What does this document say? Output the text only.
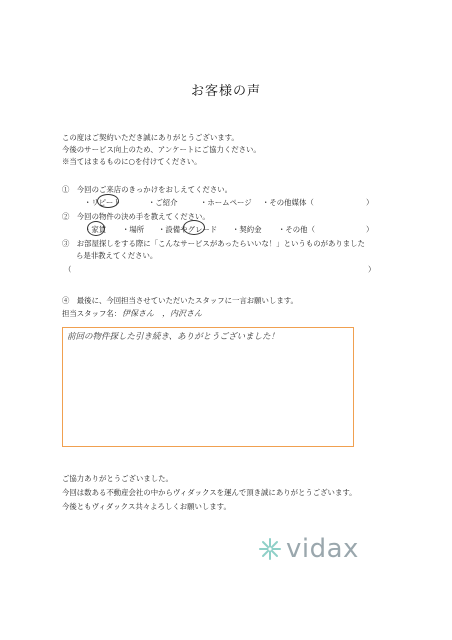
お客様の声
この度はご契約いただき誠にありがとうございます。
今後のサービス向上のため、アンケートにご協力ください。
※当てはまるものに○を付けてください。
①　今回のご来店のきっかけをおしえてください。
・リピート	・ご紹介	・ホームページ ・その他媒体（	）
②　今回の物件の決め手を教えてください。
・家賃 ・場所 ・設備やグレード ・契約金 ・その他（	）
③　お部屋探しをする際に「こんなサービスがあったらいいな！」というものがありました
ら是非教えてください。
（	）
④　最後に、今回担当させていただいたスタッフに一言お願いします。
担当スタッフ名： 伊保さん　，内沢さん
前回の物件探した引き続き、ありがとうございました！
ご協力ありがとうございました。
今回は数ある不動産会社の中からヴィダックスを運んで頂き誠にありがとうございます。
今後ともヴィダックス共々よろしくお願いします。
vidax
